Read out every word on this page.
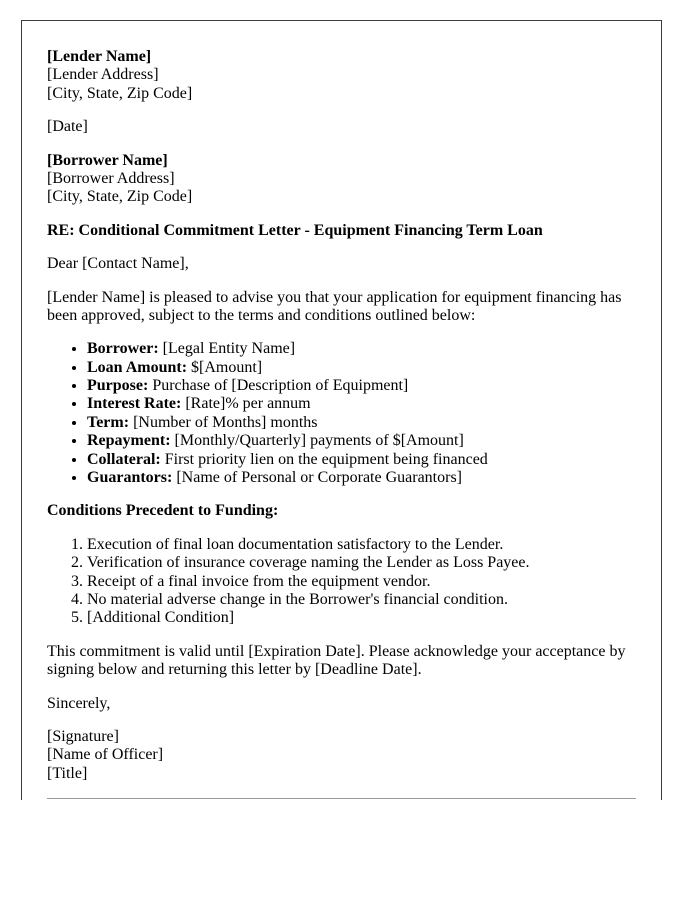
[Lender Name]
[Lender Address]
[City, State, Zip Code]

[Date]

[Borrower Name]
[Borrower Address]
[City, State, Zip Code]

RE: Conditional Commitment Letter - Equipment Financing Term Loan

Dear [Contact Name],

[Lender Name] is pleased to advise you that your application for equipment financing has been approved, subject to the terms and conditions outlined below:

• Borrower: [Legal Entity Name]
• Loan Amount: $[Amount]
• Purpose: Purchase of [Description of Equipment]
• Interest Rate: [Rate]% per annum
• Term: [Number of Months] months
• Repayment: [Monthly/Quarterly] payments of $[Amount]
• Collateral: First priority lien on the equipment being financed
• Guarantors: [Name of Personal or Corporate Guarantors]

Conditions Precedent to Funding:

1. Execution of final loan documentation satisfactory to the Lender.
2. Verification of insurance coverage naming the Lender as Loss Payee.
3. Receipt of a final invoice from the equipment vendor.
4. No material adverse change in the Borrower's financial condition.
5. [Additional Condition]

This commitment is valid until [Expiration Date]. Please acknowledge your acceptance by signing below and returning this letter by [Deadline Date].

Sincerely,

[Signature]
[Name of Officer]
[Title]
